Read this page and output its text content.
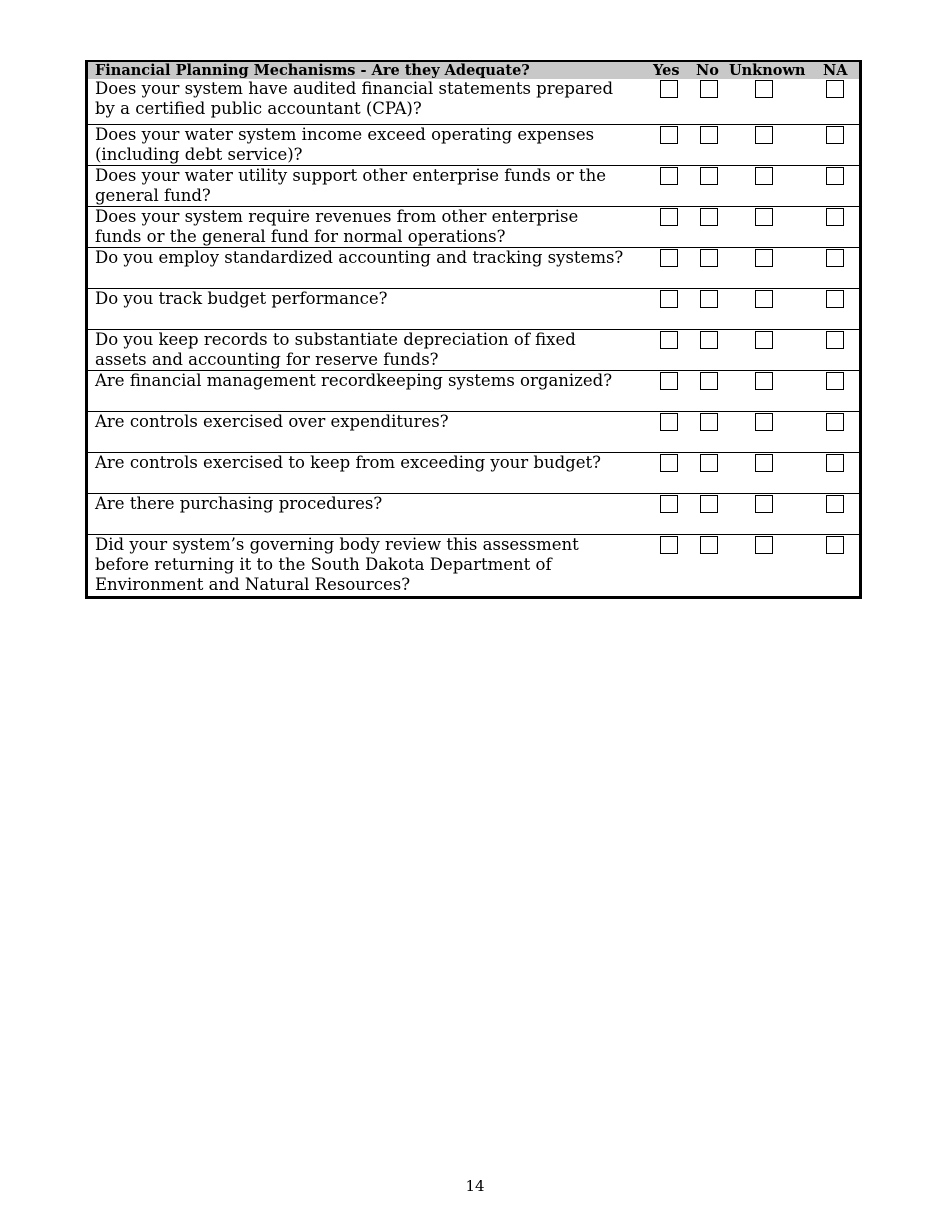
Financial Planning Mechanisms - Are they Adequate?	Yes No Unknown NA
Does your system have audited financial statements prepared by a certified public accountant (CPA)?
Does your water system income exceed operating expenses (including debt service)?
Does your water utility support other enterprise funds or the general fund?
Does your system require revenues from other enterprise funds or the general fund for normal operations?
Do you employ standardized accounting and tracking systems?
Do you track budget performance?
Do you keep records to substantiate depreciation of fixed assets and accounting for reserve funds?
Are financial management recordkeeping systems organized?
Are controls exercised over expenditures?
Are controls exercised to keep from exceeding your budget?
Are there purchasing procedures?
Did your system’s governing body review this assessment before returning it to the South Dakota Department of Environment and Natural Resources?
14
